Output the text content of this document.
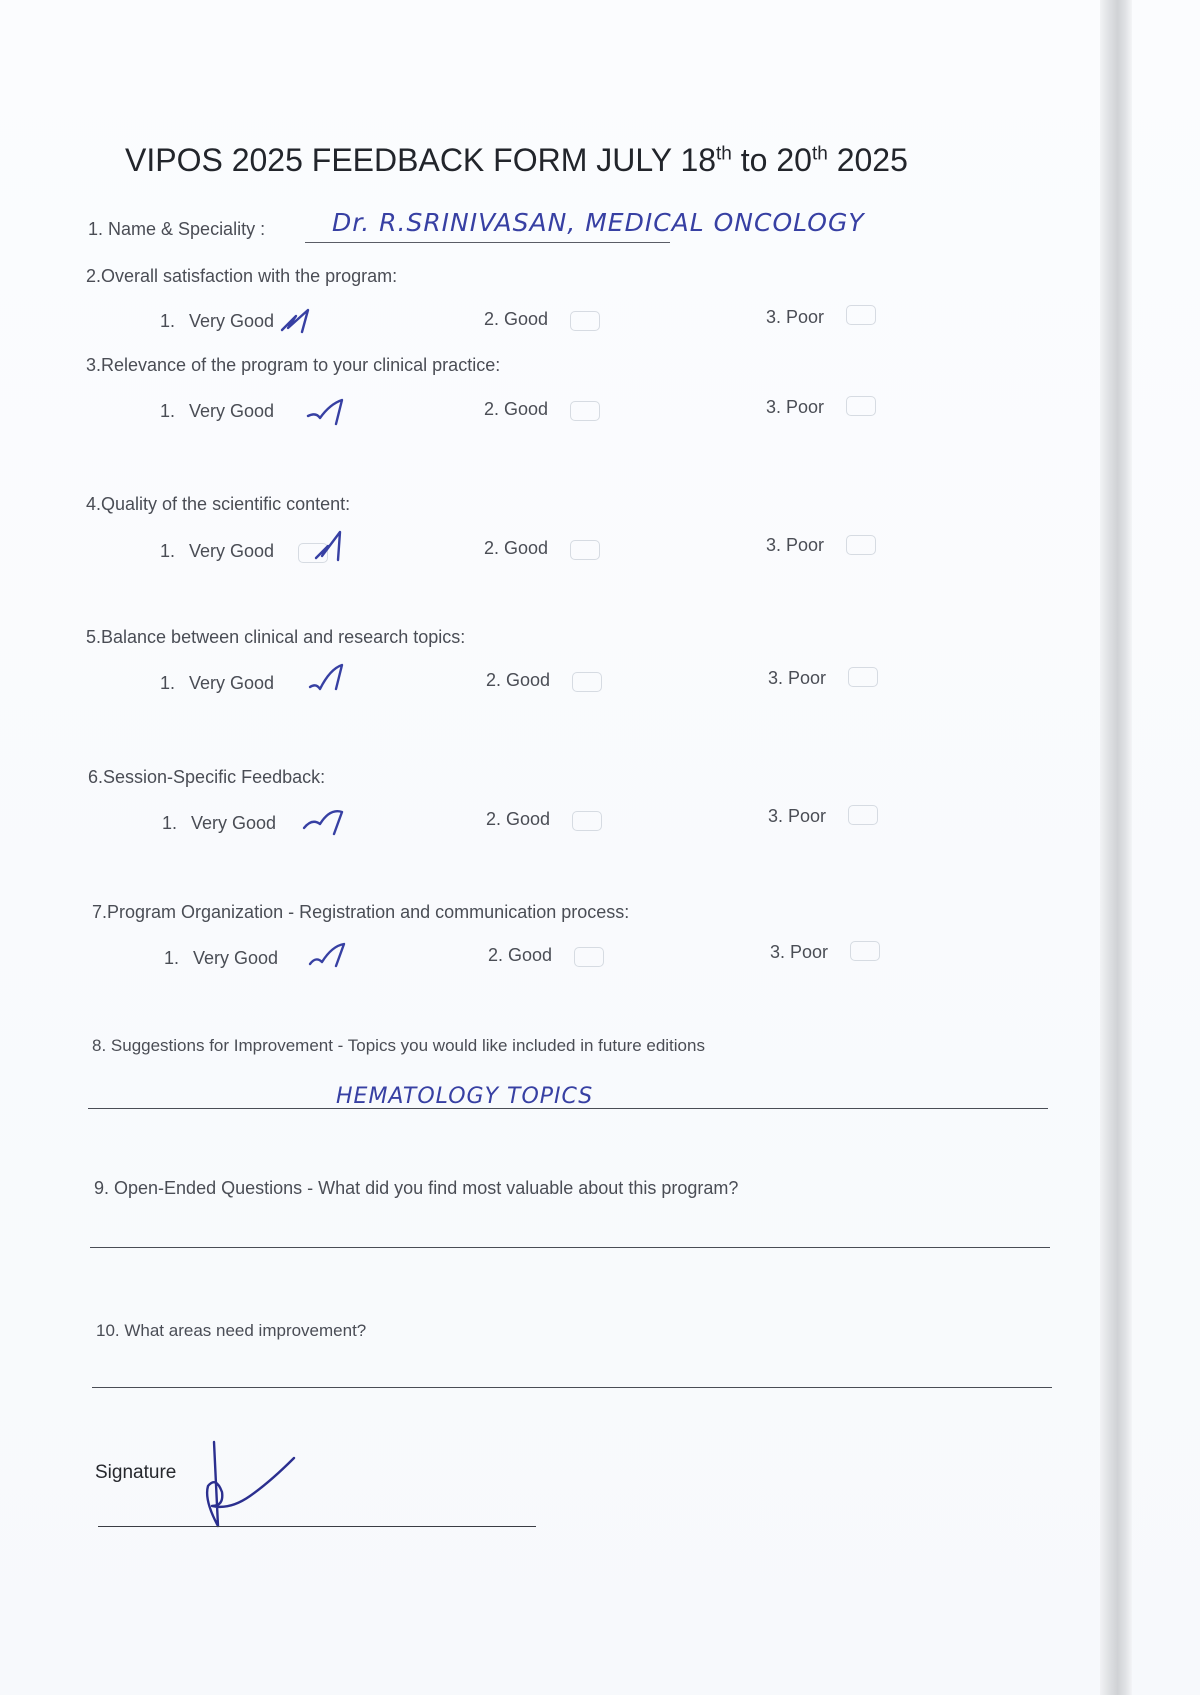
VIPOS 2025 FEEDBACK FORM JULY 18th to 20th 2025
1. Name & Speciality :	Dr. R.SRINIVASAN, MEDICAL ONCOLOGY
2.Overall satisfaction with the program:
1. Very Good	2. Good	3. Poor
3.Relevance of the program to your clinical practice:
1. Very Good	2. Good	3. Poor
4.Quality of the scientific content:
1. Very Good	2. Good	3. Poor
5.Balance between clinical and research topics:
1. Very Good	2. Good	3. Poor
6.Session-Specific Feedback:
1. Very Good	2. Good	3. Poor
7.Program Organization - Registration and communication process:
1. Very Good	2. Good	3. Poor
8. Suggestions for Improvement - Topics you would like included in future editions
HEMATOLOGY TOPICS
9. Open-Ended Questions - What did you find most valuable about this program?
10. What areas need improvement?
Signature
